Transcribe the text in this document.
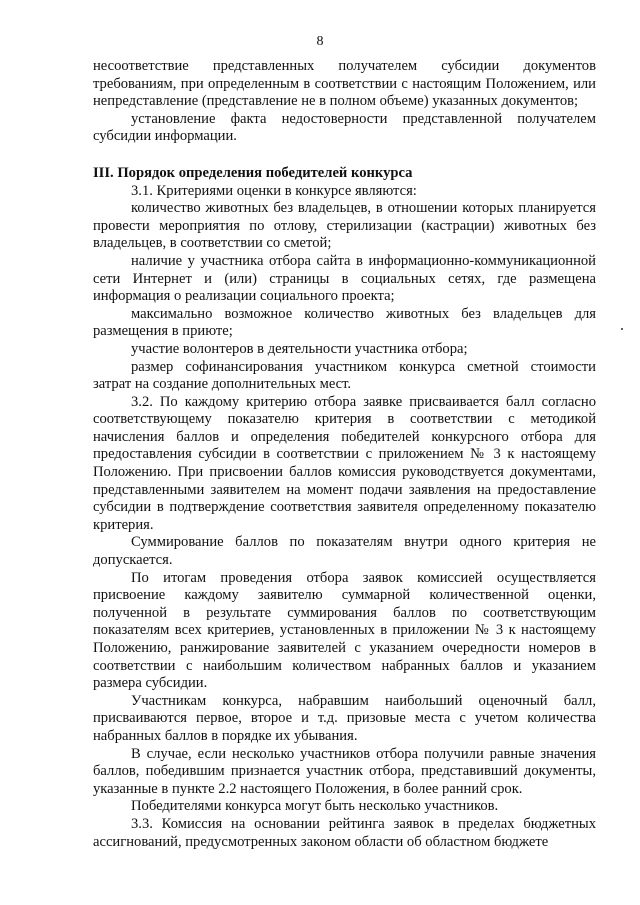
8

несоответствие представленных получателем субсидии документов требованиям, при определенным в соответствии с настоящим Положением, или непредставление (представление не в полном объеме) указанных документов;

установление факта недостоверности представленной получателем субсидии информации.

III. Порядок определения победителей конкурса

3.1. Критериями оценки в конкурсе являются:

количество животных без владельцев, в отношении которых планируется провести мероприятия по отлову, стерилизации (кастрации) животных без владельцев, в соответствии со сметой;

наличие у участника отбора сайта в информационно-коммуникационной сети Интернет и (или) страницы в социальных сетях, где размещена информация о реализации социального проекта;

максимально возможное количество животных без владельцев для размещения в приюте;

участие волонтеров в деятельности участника отбора;

размер софинансирования участником конкурса сметной стоимости затрат на создание дополнительных мест.

3.2. По каждому критерию отбора заявке присваивается балл согласно соответствующему показателю критерия в соответствии с методикой начисления баллов и определения победителей конкурсного отбора для предоставления субсидии в соответствии с приложением № 3 к настоящему Положению. При присвоении баллов комиссия руководствуется документами, представленными заявителем на момент подачи заявления на предоставление субсидии в подтверждение соответствия заявителя определенному показателю критерия.

Суммирование баллов по показателям внутри одного критерия не допускается.

По итогам проведения отбора заявок комиссией осуществляется присвоение каждому заявителю суммарной количественной оценки, полученной в результате суммирования баллов по соответствующим показателям всех критериев, установленных в приложении № 3 к настоящему Положению, ранжирование заявителей с указанием очередности номеров в соответствии с наибольшим количеством набранных баллов и указанием размера субсидии.

Участникам конкурса, набравшим наибольший оценочный балл, присваиваются первое, второе и т.д. призовые места с учетом количества набранных баллов в порядке их убывания.

В случае, если несколько участников отбора получили равные значения баллов, победившим признается участник отбора, представивший документы, указанные в пункте 2.2 настоящего Положения, в более ранний срок.

Победителями конкурса могут быть несколько участников.

3.3. Комиссия на основании рейтинга заявок в пределах бюджетных ассигнований, предусмотренных законом области об областном бюджете
